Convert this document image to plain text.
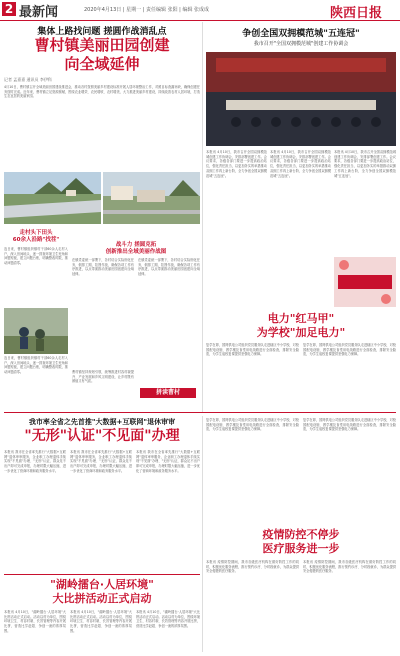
2 最新闻	2020年4月13日 | 星期一 | 责任编辑 张阳 | 编辑 张成成	陕西日报
集体上路找问题 搓圆作战消乱点
曹村镇美丽田园创建
向全域延伸
记者 孟嘉嘉 通讯员 李伊科
4月10日，曹村镇召开全域美丽田园建设推进会，推动各村按照美丽乡村建设标准开展人居环境整治工作，对照目标查漏补缺，确保创建任务按时完成。近年来，曹村镇立足资源禀赋，围绕农业增效、农民增收、农村增美，大力推进美丽乡村建设，持续改善农村人居环境，打造生态宜居的美丽家园。
走村头下田头
60余人沿路"找茬"
连日来，曹村镇组织镇村干部60余人走村入户，深入田间地头，逐一排查环境卫生死角和问题短板，建立问题台账，明确整改时限，推动问题清零。
连日来，曹村镇组织镇村干部60余人走村入户，深入田间地头，逐一排查环境卫生死角和问题短板，建立问题台账，明确整改时限，推动问题清零。
战斗力 搓圆克拓
创新推出全域美丽作战图
在镇党委统一部署下，各村结合实际细化任务，倒排工期，挂图作战，确保各项工作有序推进，以点带面推动美丽田园创建向全域延伸。
在镇党委统一部署下，各村结合实际细化任务，倒排工期，挂图作战，确保各项工作有序推进，以点带面推动美丽田园创建向全域延伸。
曹村镇坚持规划引领，统筹推进村容村貌提升、产业发展和乡风文明建设，让乡村既有颜值又有气质。
拼读曹村
争创全国双拥模范城"五连冠"
我市召开"全国双拥模范城"创建工作协调会
本报讯 4月10日，我市召开全国双拥模范城创建工作协调会，安排部署创建工作。会议要求，各级各部门要进一步提高政治站位，强化责任担当，以更加务实的举措推动双拥工作再上新台阶，全力争创全国双拥模范城"五连冠"。
本报讯 4月10日，我市召开全国双拥模范城创建工作协调会，安排部署创建工作。会议要求，各级各部门要进一步提高政治站位，强化责任担当，以更加务实的举措推动双拥工作再上新台阶，全力争创全国双拥模范城"五连冠"。
本报讯 4月10日，我市召开全国双拥模范城创建工作协调会，安排部署创建工作。会议要求，各级各部门要进一步提高政治站位，强化责任担当，以更加务实的举措推动双拥工作再上新台阶，全力争创全国双拥模范城"五连冠"。
电力"红马甲"
为学校"加足电力"
复学在即，国网供电公司组织党员服务队走进辖区中小学校，对校园配电设施、教学楼及食堂用电线路进行全面检查，排除安全隐患，为学生返校复课提供坚强电力保障。
复学在即，国网供电公司组织党员服务队走进辖区中小学校，对校园配电设施、教学楼及食堂用电线路进行全面检查，排除安全隐患，为学生返校复课提供坚强电力保障。
我市率全省之先首推"大数据+互联网"退休审审
"无形"认证"不见面"办理
本报讯 我市在全省率先推行"大数据+互联网"退休审审服务，企业职工办理退休手续实现"不见面"办理、"无形"认证，群众足不出户即可完成申报，办理时限大幅压缩，进一步优化了营商环境和政务服务水平。
本报讯 我市在全省率先推行"大数据+互联网"退休审审服务，企业职工办理退休手续实现"不见面"办理、"无形"认证，群众足不出户即可完成申报，办理时限大幅压缩，进一步优化了营商环境和政务服务水平。
本报讯 我市在全省率先推行"大数据+互联网"退休审审服务，企业职工办理退休手续实现"不见面"办理、"无形"认证，群众足不出户即可完成申报，办理时限大幅压缩，进一步优化了营商环境和政务服务水平。
复学在即，国网供电公司组织党员服务队走进辖区中小学校，对校园配电设施、教学楼及食堂用电线路进行全面检查，排除安全隐患，为学生返校复课提供坚强电力保障。
复学在即，国网供电公司组织党员服务队走进辖区中小学校，对校园配电设施、教学楼及食堂用电线路进行全面检查，排除安全隐患，为学生返校复课提供坚强电力保障。
疫情防控不停步
医疗服务进一步
本报讯 疫情防控期间，我市各级医疗机构在做好防控工作的同时，积极优化服务流程，推行预约诊疗、分时段就诊，为群众提供安全便捷的医疗服务。
本报讯 疫情防控期间，我市各级医疗机构在做好防控工作的同时，积极优化服务流程，推行预约诊疗、分时段就诊，为群众提供安全便捷的医疗服务。
"湖岭擂台·人居环境"
大比拼活动正式启动
本报讯 4月10日，"湖岭擂台·人居环境"大比拼活动正式启动。活动以村为单位，围绕环境卫生、村容村貌、长效管理等内容开展比拼，营造比学赶超、争创一流的浓厚氛围。
本报讯 4月10日，"湖岭擂台·人居环境"大比拼活动正式启动。活动以村为单位，围绕环境卫生、村容村貌、长效管理等内容开展比拼，营造比学赶超、争创一流的浓厚氛围。
本报讯 4月10日，"湖岭擂台·人居环境"大比拼活动正式启动。活动以村为单位，围绕环境卫生、村容村貌、长效管理等内容开展比拼，营造比学赶超、争创一流的浓厚氛围。
